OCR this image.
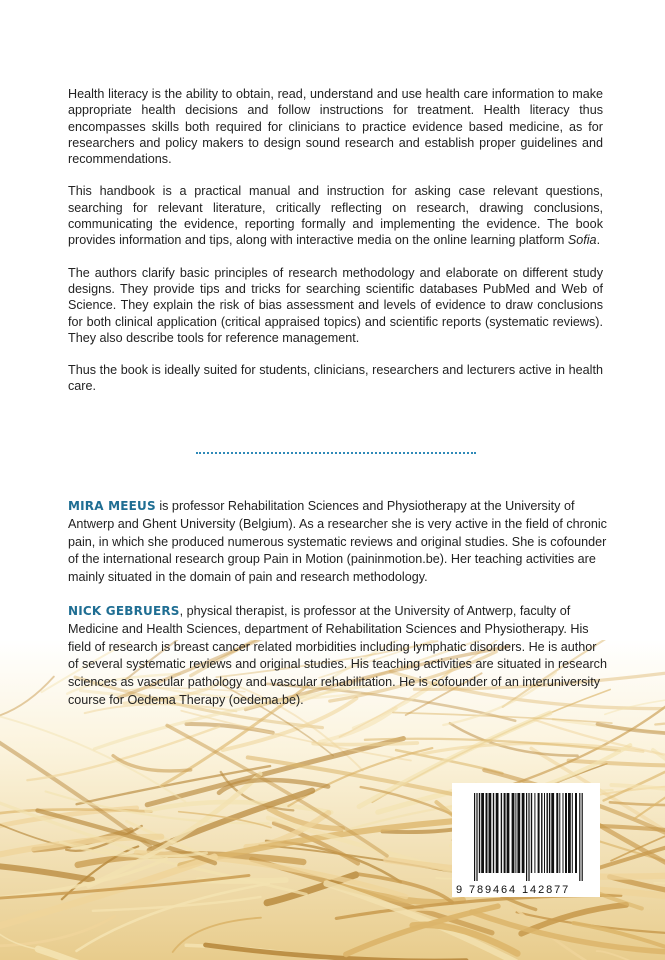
Health literacy is the ability to obtain, read, understand and use health care information to make appropriate health decisions and follow instructions for treatment. Health literacy thus encompasses skills both required for clinicians to practice evidence based medicine, as for researchers and policy makers to design sound research and establish proper guidelines and recommendations.

This handbook is a practical manual and instruction for asking case relevant questions, searching for relevant literature, critically reflecting on research, drawing conclusions, communicating the evidence, reporting formally and implementing the evidence. The book provides information and tips, along with interactive media on the online learning platform Sofia.

The authors clarify basic principles of research methodology and elaborate on different study designs. They provide tips and tricks for searching scientific databases PubMed and Web of Science. They explain the risk of bias assessment and levels of evidence to draw conclusions for both clinical application (critical appraised topics) and scientific reports (systematic reviews). They also describe tools for reference management.

Thus the book is ideally suited for students, clinicians, researchers and lecturers active in health care.

MIRA MEEUS is professor Rehabilitation Sciences and Physiotherapy at the University of Antwerp and Ghent University (Belgium). As a researcher she is very active in the field of chronic pain, in which she produced numerous systematic reviews and original studies. She is cofounder of the international research group Pain in Motion (paininmotion.be). Her teaching activities are mainly situated in the domain of pain and research methodology.

NICK GEBRUERS, physical therapist, is professor at the University of Antwerp, faculty of Medicine and Health Sciences, department of Rehabilitation Sciences and Physiotherapy. His field of research is breast cancer related morbidities including lymphatic disorders. He is author of several systematic reviews and original studies. His teaching activities are situated in research sciences as vascular pathology and vascular rehabilitation. He is cofounder of an interuniversity course for Oedema Therapy (oedema.be).

9 789464 142877
